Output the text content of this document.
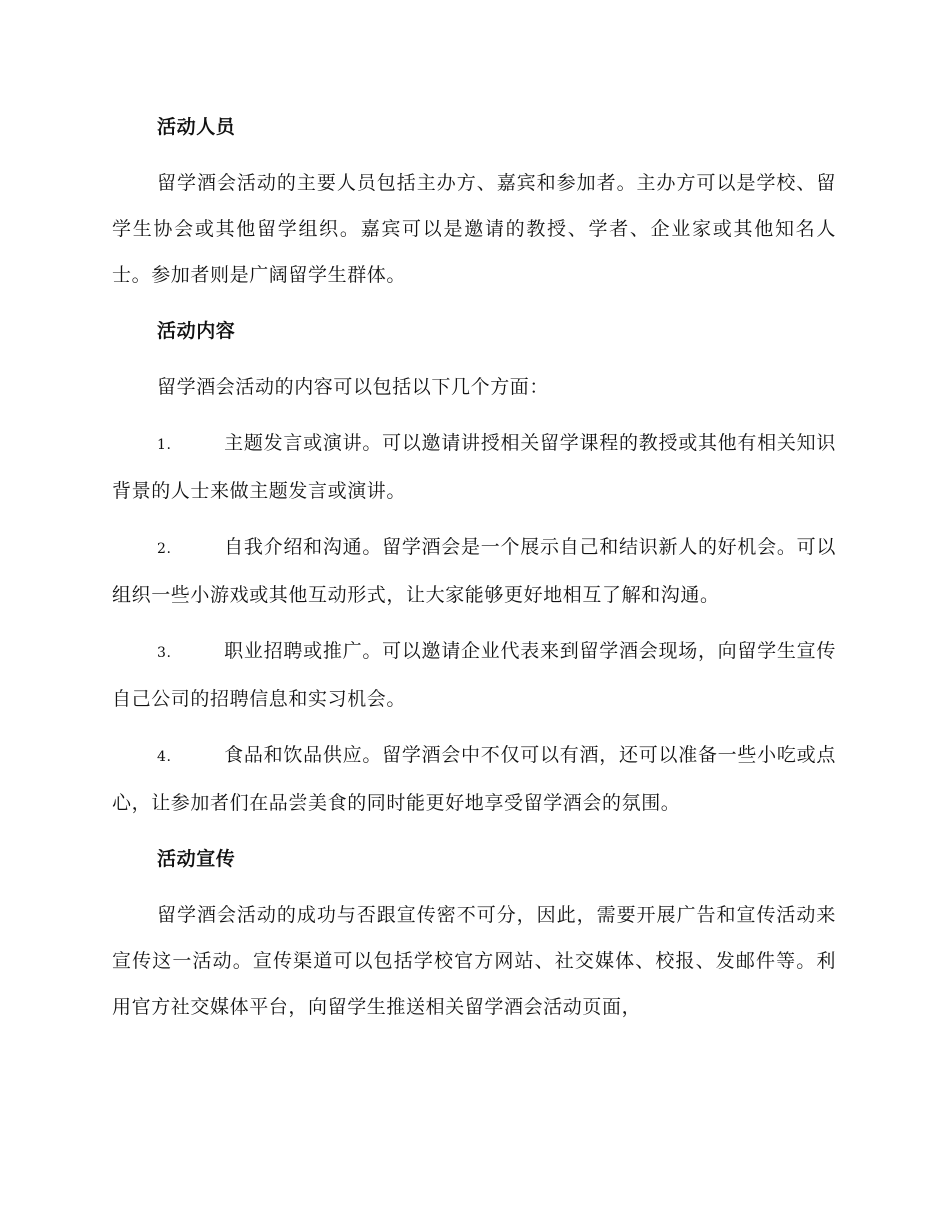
活动人员

留学酒会活动的主要人员包括主办方、嘉宾和参加者。主办方可以是学校、留学生协会或其他留学组织。嘉宾可以是邀请的教授、学者、企业家或其他知名人士。参加者则是广阔留学生群体。

活动内容

留学酒会活动的内容可以包括以下几个方面：

1.	主题发言或演讲。可以邀请讲授相关留学课程的教授或其他有相关知识背景的人士来做主题发言或演讲。

2.	自我介绍和沟通。留学酒会是一个展示自己和结识新人的好机会。可以组织一些小游戏或其他互动形式，让大家能够更好地相互了解和沟通。

3.	职业招聘或推广。可以邀请企业代表来到留学酒会现场，向留学生宣传自己公司的招聘信息和实习机会。

4.	食品和饮品供应。留学酒会中不仅可以有酒，还可以准备一些小吃或点心，让参加者们在品尝美食的同时能更好地享受留学酒会的氛围。

活动宣传

留学酒会活动的成功与否跟宣传密不可分，因此，需要开展广告和宣传活动来宣传这一活动。宣传渠道可以包括学校官方网站、社交媒体、校报、发邮件等。利用官方社交媒体平台，向留学生推送相关留学酒会活动页面，
